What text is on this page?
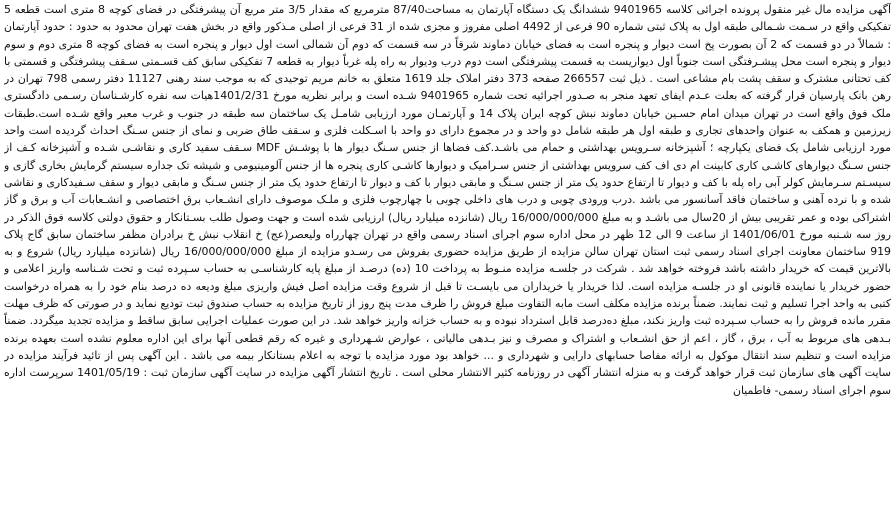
آگهی مزایده مال غیر منقول پرونده اجرائی کلاسه 9401965 ششدانگ یک دستگاه آپارتمان به مساحت87/40 مترمربع که مقدار 3/5 متر مربع آن پیشرفتگی در فضای کوچه 8 متری است قطعه 5 تفکیکی واقع در سـمت شـمالی طبقه اول به پلاک ثبتی شماره 90 فرعی از 4492 اصلی مفروز و مجزی شده از 31 فرعی از اصلی مـذکور واقع در بخش هفت تهران محدود به حدود : حدود آپارتمان : شمالاً در دو قسمت که 2 آن بصورت پخ است دیوار و پنجره است به فضای خیابان دماوند شرقاً در سه قسمت که دوم آن شمالی است اول دیوار و پنجره است به فضای کوچه 8 متری دوم و سوم دیوار و پنجره است محل پیشـرفتگی است جنوباً اول دیواریست به قسمت پیشرفتگی است دوم درب ودیوار به راه پله غرباً دیوار به قطعه 7 تفکیکی سابق کف قسـمتی سـقف پیشرفتگی و قسمتی با کف تحتانی مشترک و سقف پشت بام مشاعی است . ذیل ثبت 266557 صفحه 373 دفتر املاک جلد 1619 متعلق به خانم مریم توحیدی که به موجب سند رهنی 11127 دفتر رسمی 798 تهران در رهن بانک پارسیان قرار گرفته که بعلت عـدم ایفای تعهد منجر به صـدور اجرائیه تحت شماره 9401965 شـده است و برابر نظریه مورخ 1401/2/31هیات سه نفره کارشـناسان رسـمی دادگستری ملک فوق واقع است در تهران میدان امام حسـین خیابان دماوند نبش کوچه ایران پلاک 14 و آپارتمـان مورد ارزیابی شامـل یک ساختمان سه طبقه در جنوب و غرب معبر واقع شـده است.طبقات زیرزمین و همکف به عنوان واحدهای تجاری و طبقه اول هر طبقه شامل دو واحد و در مجموع دارای دو واحد با اسـکلت فلزی و سـقف طاق ضربی و نمای از جنس سـنگ احداث گردیده است واحد مورد ارزیابی شامل یک فضای یکپارچه ؛ آشپزخانه سـرویس بهداشتی و حمام می باشـد.کف فضاها از جنس سـنگ دیوار ها با پوشـش MDF سـقف سفید کاری و نقاشـی شـده و آشپزخانه کـف از جنس سـنگ دیوارهای کاشـی کاری کابینت ام دی اف کف سرویس بهداشتی از جنس سـرامیک و دیوارها کاشـی کاری پنجره ها از جنس آلومینیومی و شیشه تک جداره سیستم گرمایش بخاری گازی و سیسـتم سـرمایش کولر آبی راه پله با کف و دیوار تا ارتفاع حدود یک متر از جنس سـنگ و مابقی دیوار با کف و دیوار تا ارتفاع حدود یک متر از جنس سـنگ و مابقی دیوار و سقف سـفیدکاری و نقاشی شده و با نرده آهنی و ساختمان فاقد آسانسور می باشد .درب ورودی چوبی و درب های داخلی چوبی با چهارچوب فلزی و ملـک موصوف دارای انشـعاب برق اختصاصی و انشـعابات آب و برق و گاز اشتراکی بوده و عمر تقریبی بیش از 20سال می باشـد و به مبلغ 16/000/000/000 ریال (شانزده میلیارد ریال) ارزیابی شده است و جهت وصول طلب بسـتانکار و حقوق دولتی کلاسه فوق الذکر در روز سه شـنبه مورخ 1401/06/01 از ساعت 9 الی 12 ظهر در محل اداره سوم اجرای اسناد رسمی واقع در تهران چهارراه ولیعصر(عج) خ انقلاب نبش خ برادران مظفر ساختمان سابق گاج پلاک 919 ساختمان معاونت اجرای اسناد رسمی ثبت استان تهران سالن مزایده از طریق مزایده حضوری بفروش می رسـدو مزایده از مبلغ 16/000/000/000 ریال (شانزده میلیارد ریال) شروع و به بالاترین قیمت که خریدار داشته باشد فروخته خواهد شد . شرکت در جلسـه مزایده منـوط به پرداخت 10 (ده) درصـد از مبلغ پایه کارشناسـی به حساب سـپرده ثبت و تحت شـناسه واریز اعلامی و حضور خریدار یا نماینده قانونی او در جلسـه مزایده است. لذا خریدار یا خریداران می بایسـت تا قبل از شروع وقت مزایده اصل فیش واریزی مبلغ ودیعه ده درصد بنام خود را به همراه درخواست کتبی به واحد اجرا تسلیم و ثبت نمایند. ضمناً برنده مزایده مکلف است مابه التفاوت مبلغ فروش را ظرف مدت پنج روز از تاریخ مزایده به حساب صندوق ثبت تودیع نماید و در صورتی که ظرف مهلت مقرر مانده فروش را به حساب سـپرده ثبت واریز نکند، مبلغ ده‌درصد قابل استرداد نبوده و به حساب خزانه واریز خواهد شد. در این صورت عملیات اجرایی سابق ساقط و مزایده تجدید میگردد. ضمناً بـدهی های مربوط به آب ، برق ، گاز ، اعم از حق انشـعاب و اشتراک و مصرف و نیز بـدهی مالیاتی ، عوارض شـهرداری و غیره که رقم قطعی آنها برای این اداره معلوم نشده است بعهده برنده مزایده است و تنظیم سند انتقال موکول به ارائه مفاصا حسابهای دارایی و شهرداری و ... خواهد بود مورد مزایده با توجه به اعلام بستانکار بیمه می باشد . این آگهی پس از تائید فرآیند مزایده در سایت آگهی های سازمان ثبت قرار خواهد گرفت و به منزله انتشار آگهی در روزنامه کثیر الانتشار محلی است . تاریخ انتشار آگهی مزایده در سایت آگهی سازمان ثبت : 1401/05/19 سرپرست اداره سوم اجرای اسناد رسمی- فاطمیان
